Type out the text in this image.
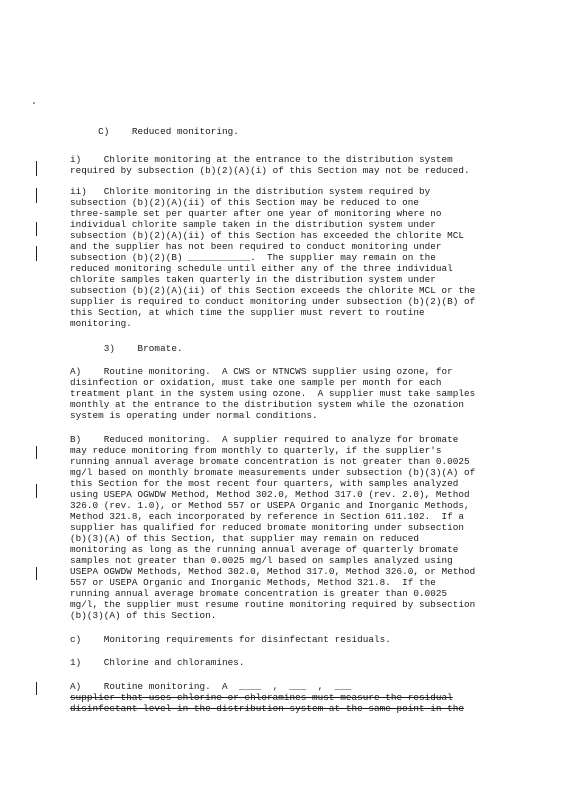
C)    Reduced monitoring.
i)    Chlorite monitoring at the entrance to the distribution system
required by subsection (b)(2)(A)(i) of this Section may not be reduced.
ii)   Chlorite monitoring in the distribution system required by
subsection (b)(2)(A)(ii) of this Section may be reduced to one
three-sample set per quarter after one year of monitoring where no
individual chlorite sample taken in the distribution system under
subsection (b)(2)(A)(ii) of this Section has exceeded the chlorite MCL
and the supplier has not been required to conduct monitoring under
subsection (b)(2)(B) ___________.  The supplier may remain on the
reduced monitoring schedule until either any of the three individual
chlorite samples taken quarterly in the distribution system under
subsection (b)(2)(A)(ii) of this Section exceeds the chlorite MCL or the
supplier is required to conduct monitoring under subsection (b)(2)(B) of
this Section, at which time the supplier must revert to routine
monitoring.
3)    Bromate.
A)    Routine monitoring.  A CWS or NTNCWS supplier using ozone, for
disinfection or oxidation, must take one sample per month for each
treatment plant in the system using ozone.  A supplier must take samples
monthly at the entrance to the distribution system while the ozonation
system is operating under normal conditions.
B)    Reduced monitoring.  A supplier required to analyze for bromate
may reduce monitoring from monthly to quarterly, if the supplier's
running annual average bromate concentration is not greater than 0.0025
mg/l based on monthly bromate measurements under subsection (b)(3)(A) of
this Section for the most recent four quarters, with samples analyzed
using USEPA OGWDW Method, Method 302.0, Method 317.0 (rev. 2.0), Method
326.0 (rev. 1.0), or Method 557 or USEPA Organic and Inorganic Methods,
Method 321.8, each incorporated by reference in Section 611.102.  If a
supplier has qualified for reduced bromate monitoring under subsection
(b)(3)(A) of this Section, that supplier may remain on reduced
monitoring as long as the running annual average of quarterly bromate
samples not greater than 0.0025 mg/l based on samples analyzed using
USEPA OGWDW Methods, Method 302.0, Method 317.0, Method 326.0, or Method
557 or USEPA Organic and Inorganic Methods, Method 321.8.  If the
running annual average bromate concentration is greater than 0.0025
mg/l, the supplier must resume routine monitoring required by subsection
(b)(3)(A) of this Section.
c)    Monitoring requirements for disinfectant residuals.
1)    Chlorine and chloramines.
A)    Routine monitoring.  A  ____  ,  ___  ,  ___
supplier that uses chlorine or chloramines must measure the residual
disinfectant level in the distribution system at the same point in the
